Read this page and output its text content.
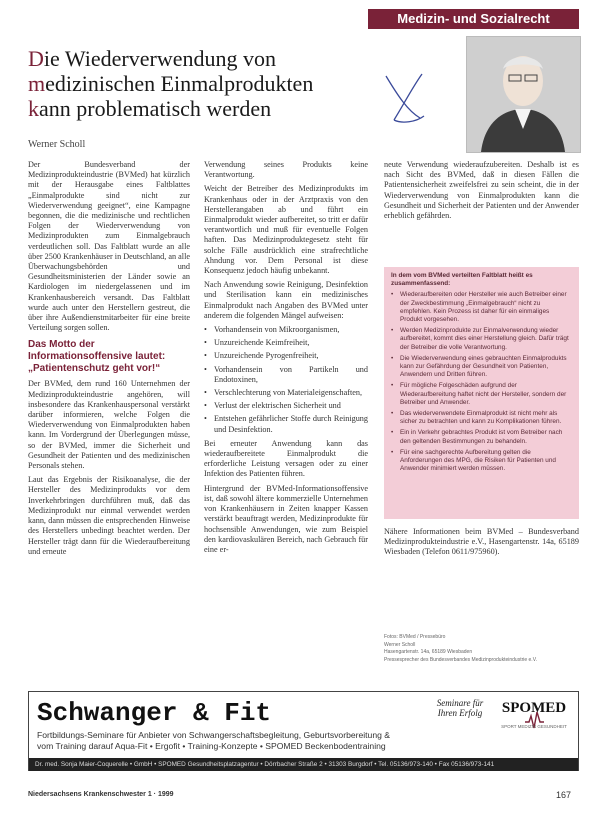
Medizin- und Sozialrecht
Die Wiederverwendung von
medizinischen Einmalprodukten
kann problematisch werden
Werner Scholl

Der Bundesverband der Medizinprodukteindustrie (BVMed) hat kürzlich mit der Herausgabe eines Faltblattes „Einmalprodukte sind nicht zur Wiederverwendung geeignet“, eine Kampagne begonnen, die die medizinische und rechtlichen Folgen der Wiederverwendung von Medizinprodukten zum Einmalgebrauch verdeutlichen soll. Das Faltblatt wurde an alle über 2500 Krankenhäuser in Deutschland, an alle Überwachungsbehörden und Gesundheitsministerien der Länder sowie an Kardiologen im niedergelassenen und im Krankenhausbereich versandt. Das Faltblatt wurde auch unter den Herstellern gestreut, die über ihre Außendienstmitarbeiter für eine breite Verteilung sorgen sollen.

Das Motto der
Informationsoffensive lautet:
„Patientenschutz geht vor!“

Der BVMed, dem rund 160 Unternehmen der Medizinprodukteindustrie angehören, will insbesondere das Krankenhauspersonal verstärkt darüber informieren, welche Folgen die Wiederverwendung von Einmalprodukten haben kann. Im Vordergrund der Überlegungen müsse, so der BVMed, immer die Sicherheit und Gesundheit der Patienten und des medizinischen Personals stehen.

Laut das Ergebnis der Risikoanalyse, die der Hersteller des Medizinprodukts vor dem Inverkehrbringen durchführen muß, daß das Medizinprodukt nur einmal verwendet werden kann, dann müssen die entsprechenden Hinweise des Herstellers unbedingt beachtet werden. Der Hersteller trägt dann für die Wiederaufbereitung und erneute

Verwendung seines Produkts keine Verantwortung.

Weicht der Betreiber des Medizinprodukts im Krankenhaus oder in der Arztpraxis von den Herstellerangaben ab und führt ein Einmalprodukt wieder aufbereitet, so tritt er dafür verantwortlich und muß für eventuelle Folgen haften. Das Medizinproduktegesetz steht für solche Fälle ausdrücklich eine strafrechtliche Ahndung vor. Dem Personal ist diese Konsequenz jedoch häufig unbekannt.

Nach Anwendung sowie Reinigung, Desinfektion und Sterilisation kann ein medizinisches Einmalprodukt nach Angaben des BVMed unter anderem die folgenden Mängel aufweisen:

• Vorhandensein von Mikroorganismen,
• Unzureichende Keimfreiheit,
• Unzureichende Pyrogenfreiheit,
• Vorhandensein von Partikeln und Endotoxinen,
• Verschlechterung von Materialeigenschaften,
• Verlust der elektrischen Sicherheit und
• Entstehen gefährlicher Stoffe durch Reinigung und Desinfektion.

Bei erneuter Anwendung kann das wiederaufbereitete Einmalprodukt die erforderliche Leistung versagen oder zu einer Infektion des Patienten führen.

Hintergrund der BVMed-Informationsoffensive ist, daß sowohl ältere kommerzielle Unternehmen von Krankenhäusern in Zeiten knapper Kassen verstärkt beauftragt werden, Medizinprodukte für hochsensible Anwendungen, wie zum Beispiel den kardiovaskulären Bereich, nach Gebrauch für eine er-

neute Verwendung wiederaufzubereiten. Deshalb ist es nach Sicht des BVMed, daß in diesen Fällen die Patientensicherheit zweifelsfrei zu sein scheint, die in der Wiederverwendung von Einmalprodukten kann die Gesundheit und Sicherheit der Patienten und der Anwender erheblich gefährden.

In dem vom BVMed verteilten Faltblatt heißt es zusammenfassend:
• Wiederaufbereiten oder Hersteller wie auch Betreiber einer der Zweckbestimmung „Einmalgebrauch“ nicht zu empfehlen. Kein Prozess ist daher für ein einmaliges Produkt vorgesehen.
• Werden Medizinprodukte zur Einmalverwendung wieder aufbereitet, kommt dies einer Herstellung gleich. Dafür trägt der Betreiber die volle Verantwortung.
• Die Wiederverwendung eines gebrauchten Einmalprodukts kann zur Gefährdung der Gesundheit von Patienten, Anwendern und Dritten führen.
• Für mögliche Folgeschäden aufgrund der Wiederaufbereitung haftet nicht der Hersteller, sondern der Betreiber und Anwender.
• Das wiederverwendete Einmalprodukt ist nicht mehr als sicher zu betrachten und kann zu Komplikationen führen.
• Ein in Verkehr gebrachtes Produkt ist vom Betreiber nach den geltenden Bestimmungen zu behandeln.
• Für eine sachgerechte Aufbereitung gelten die Anforderungen des MPG, die Risiken für Patienten und Anwender minimiert werden müssen.

Nähere Informationen beim BVMed – Bundesverband Medizinprodukteindustrie e.V., Hasengartenstr. 14a, 65189 Wiesbaden (Telefon 0611/975960).

Fotos: BVMed / Pressebüro
Werner Scholl
Hasengartenstr. 14a, 65189 Wiesbaden
Pressesprecher des Bundesverbandes Medizinprodukteindustrie e.V.
Schwanger & Fit
Fortbildungs-Seminare für Anbieter von Schwangerschaftsbegleitung, Geburtsvorbereitung &
vom Training darauf Aqua-Fit • Ergofit • Training-Konzepte • SPOMED Beckenbodentraining
Seminare für Ihren Erfolg	SPOMED
SPORT MEDIZIN GESUNDHEIT
Dr. med. Sonja Maier-Coquerelle • GmbH • SPOMED Gesundheitsplatzagentur • Dörrbacher Straße 2 • 31303 Burgdorf • Tel. 05136/973-140 • Fax 05136/973-141
Niedersachsens Krankenschwester 1 · 1999	167
